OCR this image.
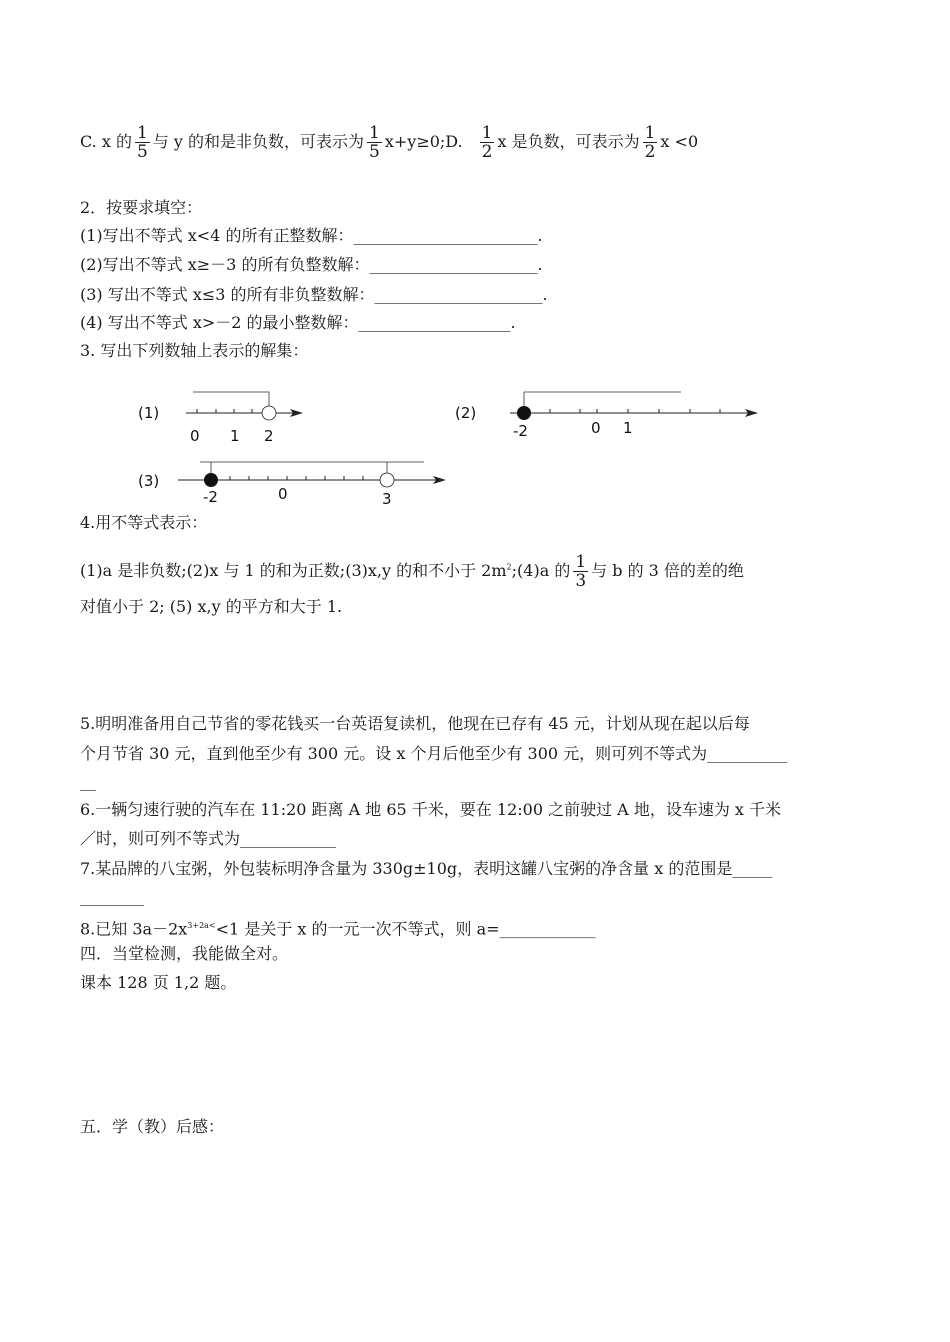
C. x 的 $\frac{1}{5}$ 与 y 的和是非负数，可表示为 $\frac{1}{5}$ x+y≥0;D. $\frac{1}{2}$ x 是负数，可表示为 $\frac{1}{2}$ x <0
2．按要求填空：
(1)写出不等式 x<4 的所有正整数解：_______________________.
(2)写出不等式 x≥－3 的所有负整数解：_____________________.
(3) 写出不等式 x≤3 的所有非负整数解：_____________________.
(4) 写出不等式 x>－2 的最小整数解：___________________.
3. 写出下列数轴上表示的解集：
(1)
0 1 2
(2)
-2	0 1
(3)
-2	0	3
4.用不等式表示：
(1)a 是非负数;(2)x 与 1 的和为正数;(3)x,y 的和不小于 $2m^2;(4)a$ 的 $\frac{1}{3}$ 与 b 的 3 倍的差的绝
对值小于 2; (5) x,y 的平方和大于 1.
5.明明准备用自己节省的零花钱买一台英语复读机，他现在已存有 45 元，计划从现在起以后每
个月节省 30 元，直到他至少有 300 元。设 x 个月后他至少有 300 元，则可列不等式为__________
__
6.一辆匀速行驶的汽车在 11:20 距离 A 地 65 千米，要在 12:00 之前驶过 A 地，设车速为 x 千米
／时，则可列不等式为____________
7.某品牌的八宝粥，外包装标明净含量为 330g±10g，表明这罐八宝粥的净含量 x 的范围是_____
________
8.已知 $3a-2x^{3+2a<}<1$ 是关于 x 的一元一次不等式，则 a=____________
四．当堂检测，我能做全对。
课本 128 页 1,2 题。
五．学（教）后感：
